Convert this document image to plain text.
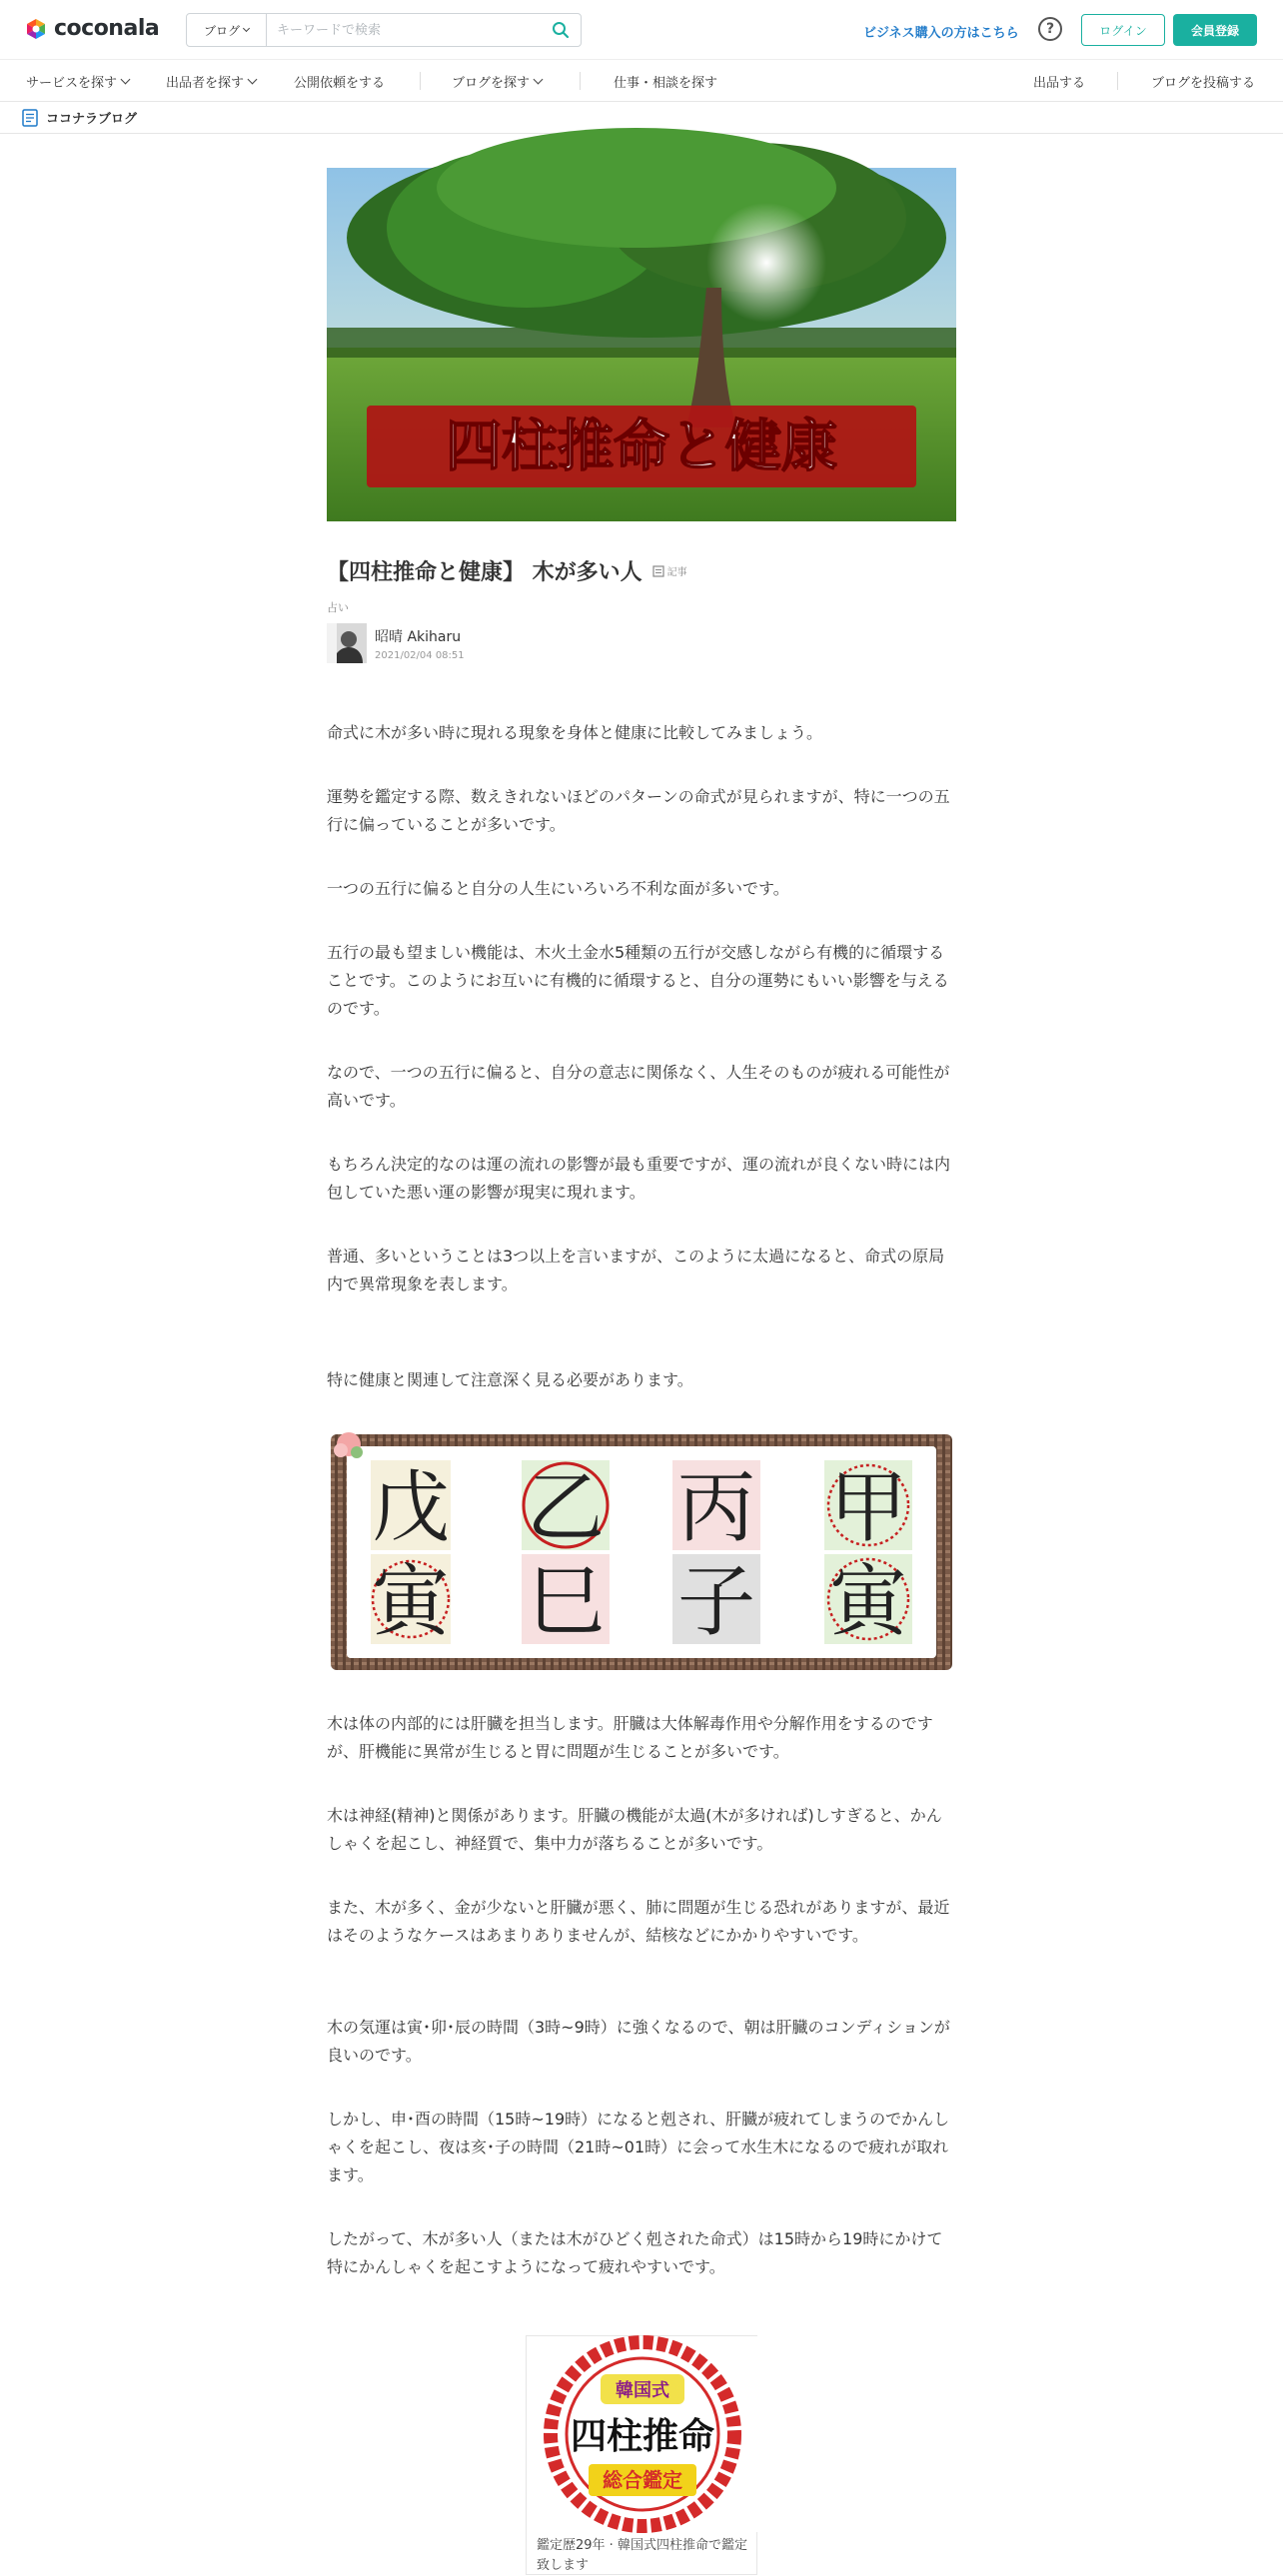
coconala	ブログ
キーワードで検索	ビジネス購入の方はこちら	?	ログイン	会員登録
サービスを探す	出品者を探す	公開依頼をする	ブログを探す	仕事・相談を探す	出品する	ブログを投稿する
ココナラブログ
四柱推命と健康
【四柱推命と健康】 木が多い人	記事
占い
昭晴 Akiharu
2021/02/04 08:51

命式に木が多い時に現れる現象を身体と健康に比較してみましょう。

運勢を鑑定する際、数えきれないほどのパターンの命式が見られますが、特に一つの五行に偏っていることが多いです。

一つの五行に偏ると自分の人生にいろいろ不利な面が多いです。

五行の最も望ましい機能は、木火土金水5種類の五行が交感しながら有機的に循環することです。このようにお互いに有機的に循環すると、自分の運勢にもいい影響を与えるのです。

なので、一つの五行に偏ると、自分の意志に関係なく、人生そのものが疲れる可能性が高いです。

もちろん決定的なのは運の流れの影響が最も重要ですが、運の流れが良くない時には内包していた悪い運の影響が現実に現れます。

普通、多いということは3つ以上を言いますが、このように太過になると、命式の原局内で異常現象を表します。

特に健康と関連して注意深く見る必要があります。

戊 乙 丙 甲
寅 巳 子 寅

木は体の内部的には肝臓を担当します。肝臓は大体解毒作用や分解作用をするのですが、肝機能に異常が生じると胃に問題が生じることが多いです。

木は神経(精神)と関係があります。肝臓の機能が太過(木が多ければ)しすぎると、かんしゃくを起こし、神経質で、集中力が落ちることが多いです。

また、木が多く、金が少ないと肝臓が悪く、肺に問題が生じる恐れがありますが、最近はそのようなケースはあまりありませんが、結核などにかかりやすいです。

木の気運は寅･卯･辰の時間（3時~9時）に強くなるので、朝は肝臓のコンディションが良いのです。

しかし、申･酉の時間（15時~19時）になると剋され、肝臓が疲れてしまうのでかんしゃくを起こし、夜は亥･子の時間（21時~01時）に会って水生木になるので疲れが取れます。

したがって、木が多い人（または木がひどく剋された命式）は15時から19時にかけて特にかんしゃくを起こすようになって疲れやすいです。

韓国式
四柱推命
総合鑑定
鑑定歴29年 · 韓国式四柱推命で鑑定致します
